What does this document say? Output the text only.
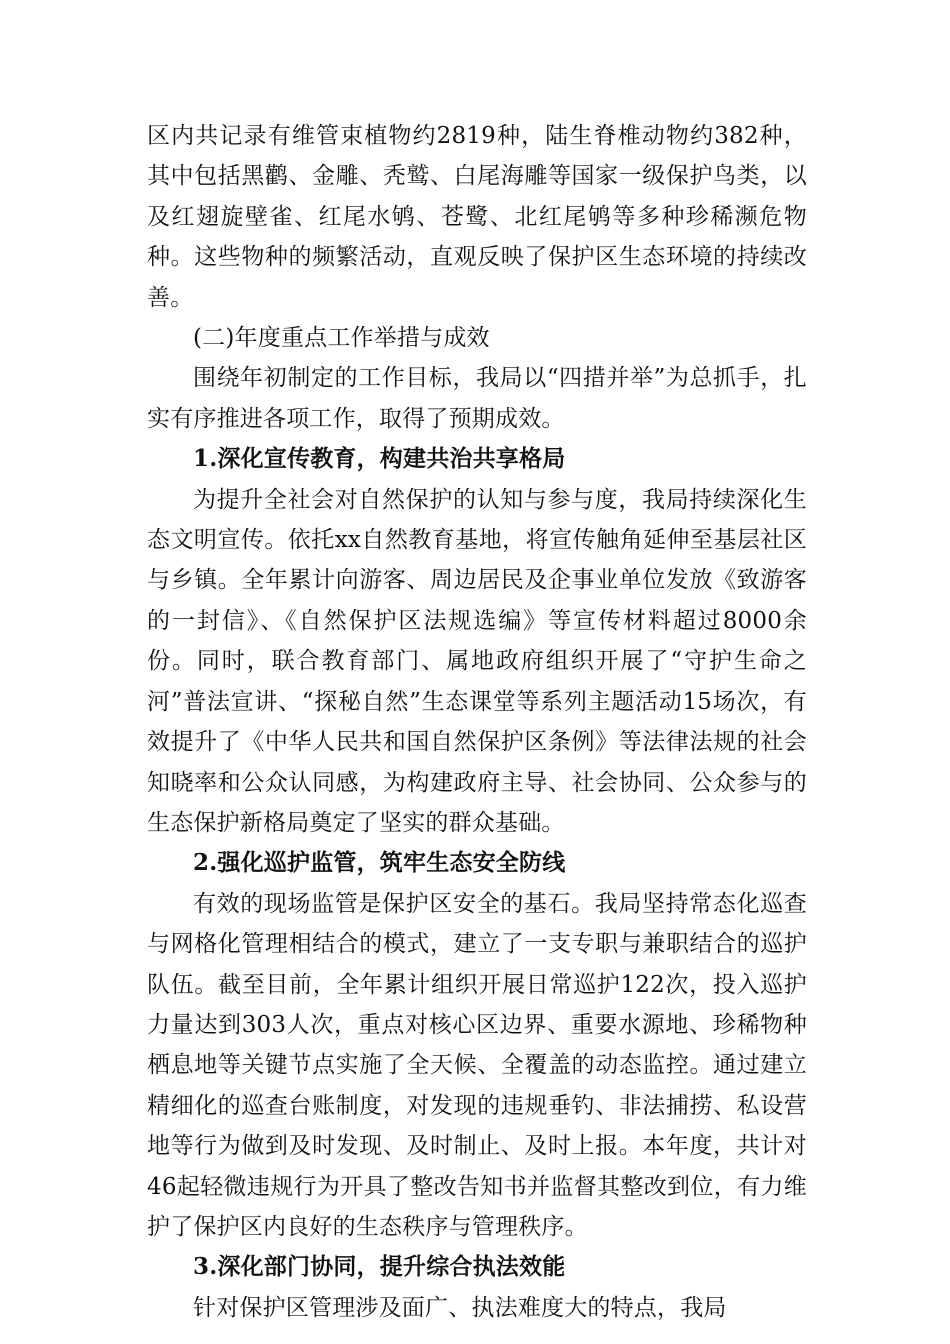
区内共记录有维管束植物约2819种，陆生脊椎动物约382种，其中包括黑鹳、金雕、秃鹫、白尾海雕等国家一级保护鸟类，以及红翅旋壁雀、红尾水鸲、苍鹭、北红尾鸲等多种珍稀濒危物种。这些物种的频繁活动，直观反映了保护区生态环境的持续改善。

(二)年度重点工作举措与成效

围绕年初制定的工作目标，我局以“四措并举”为总抓手，扎实有序推进各项工作，取得了预期成效。

1.深化宣传教育，构建共治共享格局

为提升全社会对自然保护的认知与参与度，我局持续深化生态文明宣传。依托xx自然教育基地，将宣传触角延伸至基层社区与乡镇。全年累计向游客、周边居民及企事业单位发放《致游客的一封信》、《自然保护区法规选编》等宣传材料超过8000余份。同时，联合教育部门、属地政府组织开展了“守护生命之河”普法宣讲、“探秘自然”生态课堂等系列主题活动15场次，有效提升了《中华人民共和国自然保护区条例》等法律法规的社会知晓率和公众认同感，为构建政府主导、社会协同、公众参与的生态保护新格局奠定了坚实的群众基础。

2.强化巡护监管，筑牢生态安全防线

有效的现场监管是保护区安全的基石。我局坚持常态化巡查与网格化管理相结合的模式，建立了一支专职与兼职结合的巡护队伍。截至目前，全年累计组织开展日常巡护122次，投入巡护力量达到303人次，重点对核心区边界、重要水源地、珍稀物种栖息地等关键节点实施了全天候、全覆盖的动态监控。通过建立精细化的巡查台账制度，对发现的违规垂钓、非法捕捞、私设营地等行为做到及时发现、及时制止、及时上报。本年度，共计对46起轻微违规行为开具了整改告知书并监督其整改到位，有力维护了保护区内良好的生态秩序与管理秩序。

3.深化部门协同，提升综合执法效能

针对保护区管理涉及面广、执法难度大的特点，我局
